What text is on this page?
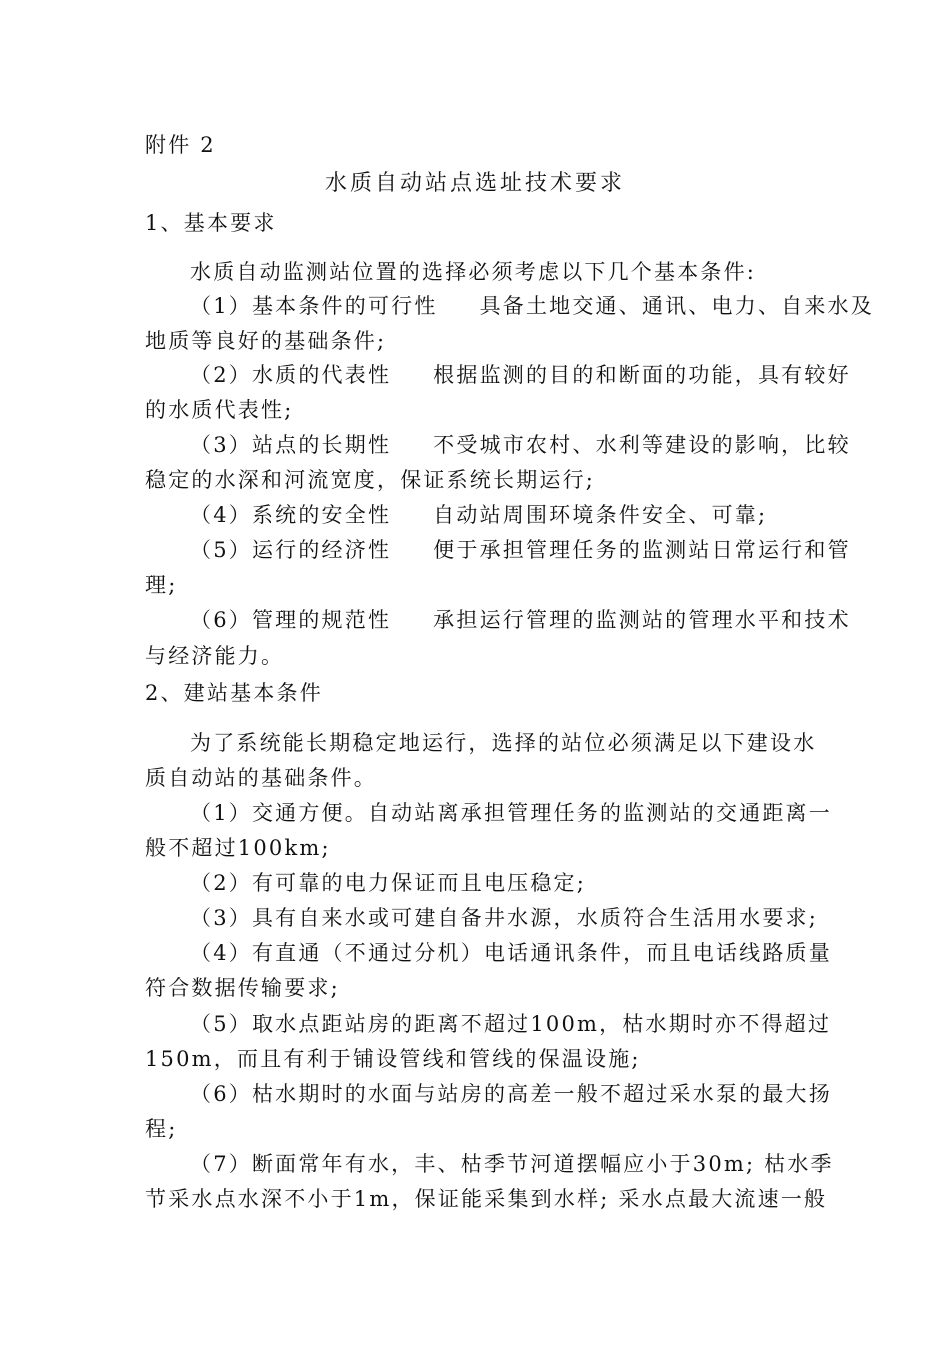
附件 2
水质自动站点选址技术要求
1、基本要求
水质自动监测站位置的选择必须考虑以下几个基本条件:
（1）基本条件的可行性 具备土地交通、通讯、电力、自来水及
地质等良好的基础条件;
（2）水质的代表性 根据监测的目的和断面的功能，具有较好
的水质代表性;
（3）站点的长期性 不受城市农村、水利等建设的影响，比较
稳定的水深和河流宽度，保证系统长期运行;
（4）系统的安全性 自动站周围环境条件安全、可靠;
（5）运行的经济性 便于承担管理任务的监测站日常运行和管
理;
（6）管理的规范性 承担运行管理的监测站的管理水平和技术
与经济能力。
2、建站基本条件
为了系统能长期稳定地运行，选择的站位必须满足以下建设水
质自动站的基础条件。
（1）交通方便。自动站离承担管理任务的监测站的交通距离一
般不超过100km;
（2）有可靠的电力保证而且电压稳定;
（3）具有自来水或可建自备井水源，水质符合生活用水要求;
（4）有直通（不通过分机）电话通讯条件，而且电话线路质量
符合数据传输要求;
（5）取水点距站房的距离不超过100m，枯水期时亦不得超过
150m，而且有利于铺设管线和管线的保温设施;
（6）枯水期时的水面与站房的高差一般不超过采水泵的最大扬
程;
（7）断面常年有水，丰、枯季节河道摆幅应小于30m; 枯水季
节采水点水深不小于1m，保证能采集到水样; 采水点最大流速一般
